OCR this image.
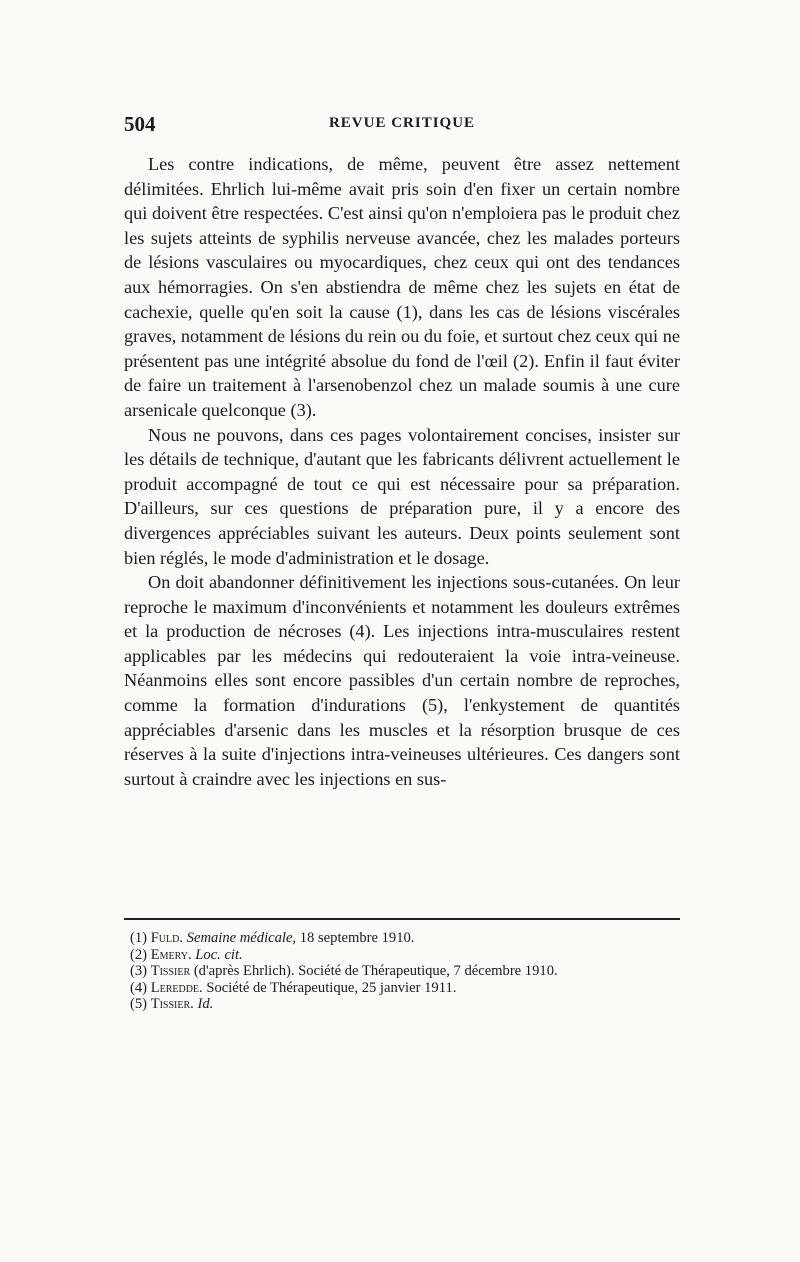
504	REVUE CRITIQUE

Les contre indications, de même, peuvent être assez nettement délimitées. Ehrlich lui-même avait pris soin d'en fixer un certain nombre qui doivent être respectées. C'est ainsi qu'on n'emploiera pas le produit chez les sujets atteints de syphilis nerveuse avancée, chez les malades porteurs de lésions vasculaires ou myocardiques, chez ceux qui ont des tendances aux hémorragies. On s'en abstiendra de même chez les sujets en état de cachexie, quelle qu'en soit la cause (1), dans les cas de lésions viscérales graves, notamment de lésions du rein ou du foie, et surtout chez ceux qui ne présentent pas une intégrité absolue du fond de l'œil (2). Enfin il faut éviter de faire un traitement à l'arsenobenzol chez un malade soumis à une cure arsenicale quelconque (3).

Nous ne pouvons, dans ces pages volontairement concises, insister sur les détails de technique, d'autant que les fabricants délivrent actuellement le produit accompagné de tout ce qui est nécessaire pour sa préparation. D'ailleurs, sur ces questions de préparation pure, il y a encore des divergences appréciables suivant les auteurs. Deux points seulement sont bien réglés, le mode d'administration et le dosage.

On doit abandonner définitivement les injections sous-cutanées. On leur reproche le maximum d'inconvénients et notamment les douleurs extrêmes et la production de nécroses (4). Les injections intra-musculaires restent applicables par les médecins qui redouteraient la voie intra-veineuse. Néanmoins elles sont encore passibles d'un certain nombre de reproches, comme la formation d'indurations (5), l'enkystement de quantités appréciables d'arsenic dans les muscles et la résorption brusque de ces réserves à la suite d'injections intra-veineuses ultérieures. Ces dangers sont surtout à craindre avec les injections en sus-

(1) Fuld. Semaine médicale, 18 septembre 1910.
(2) Emery. Loc. cit.
(3) Tissier (d'après Ehrlich). Société de Thérapeutique, 7 décembre 1910.
(4) Leredde. Société de Thérapeutique, 25 janvier 1911.
(5) Tissier. Id.
